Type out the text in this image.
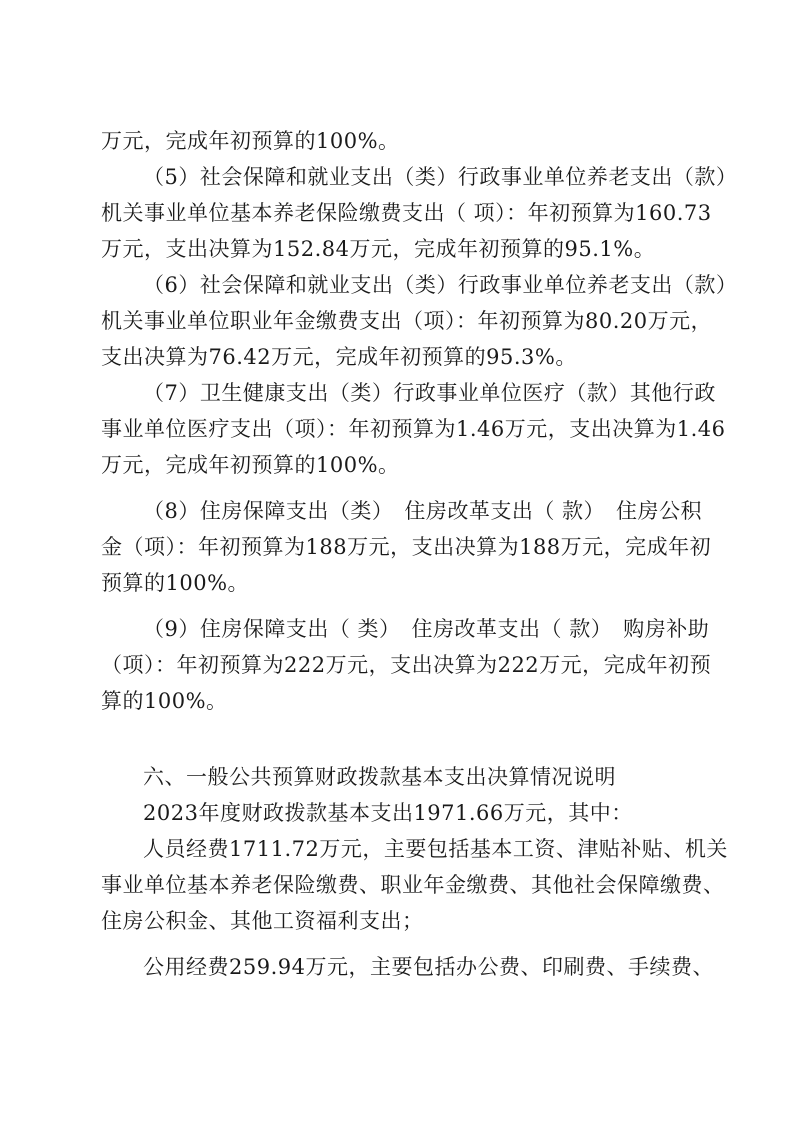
万元，完成年初预算的100%。
（5）社会保障和就业支出（类）行政事业单位养老支出（款）
机关事业单位基本养老保险缴费支出（ 项）：年初预算为160.73
万元，支出决算为152.84万元，完成年初预算的95.1%。
（6）社会保障和就业支出（类）行政事业单位养老支出（款）
机关事业单位职业年金缴费支出（项）：年初预算为80.20万元，
支出决算为76.42万元，完成年初预算的95.3%。
（7）卫生健康支出（类）行政事业单位医疗（款）其他行政
事业单位医疗支出（项）：年初预算为1.46万元，支出决算为1.46
万元，完成年初预算的100%。
（8）住房保障支出（类）　住房改革支出（ 款）　住房公积
金（项）：年初预算为188万元，支出决算为188万元，完成年初
预算的100%。
（9）住房保障支出（ 类）　住房改革支出（ 款）　购房补助
（项）：年初预算为222万元，支出决算为222万元，完成年初预
算的100%。
六、一般公共预算财政拨款基本支出决算情况说明
2023年度财政拨款基本支出1971.66万元，其中：
人员经费1711.72万元，主要包括基本工资、津贴补贴、机关
事业单位基本养老保险缴费、职业年金缴费、其他社会保障缴费、
住房公积金、其他工资福利支出；
公用经费259.94万元，主要包括办公费、印刷费、手续费、
